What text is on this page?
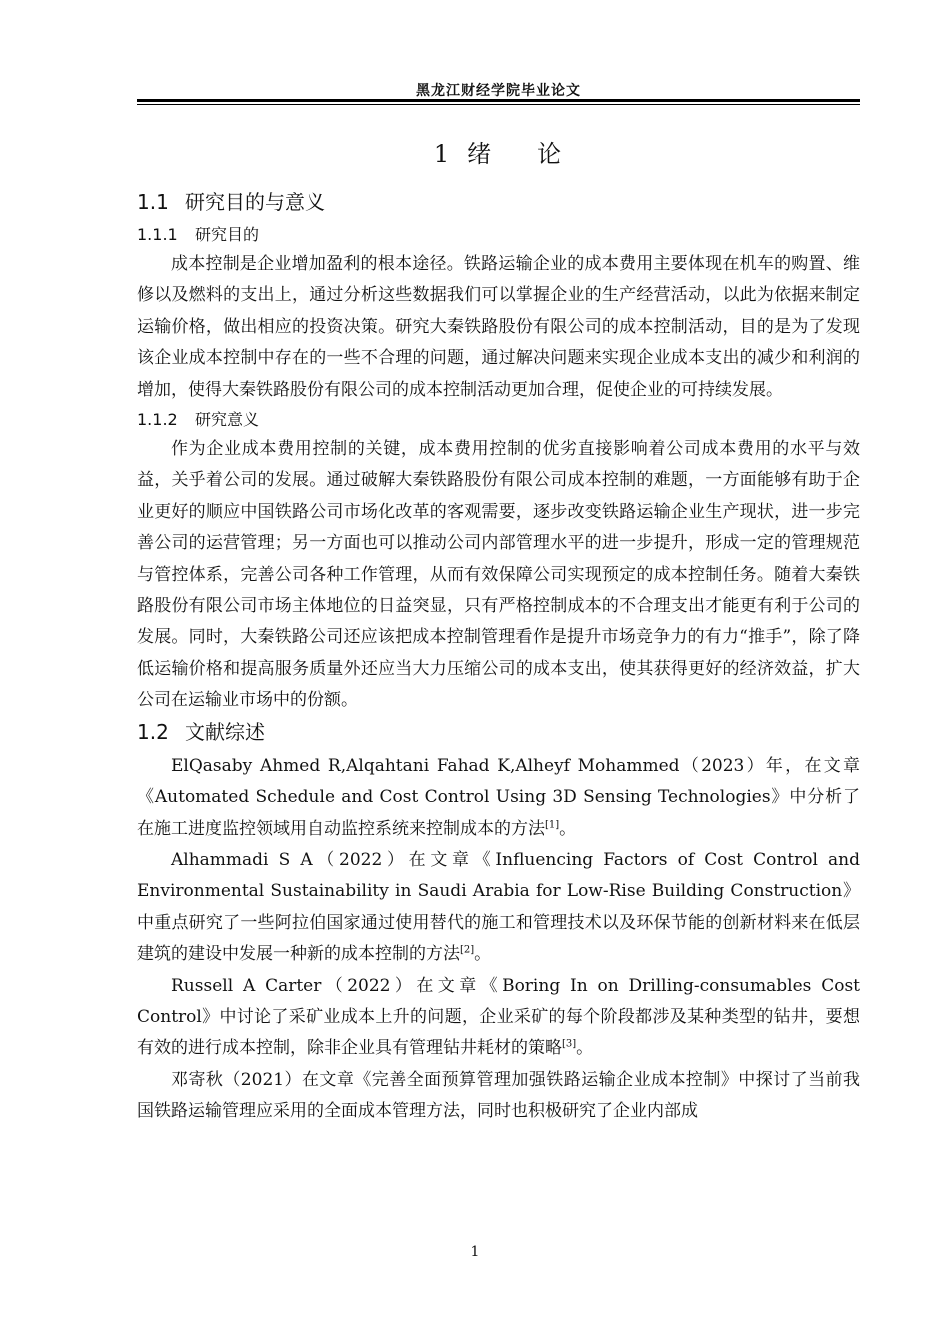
黑龙江财经学院毕业论文
1 绪 论
1.1 研究目的与意义
1.1.1 研究目的

成本控制是企业增加盈利的根本途径。铁路运输企业的成本费用主要体现在机车的购置、维修以及燃料的支出上，通过分析这些数据我们可以掌握企业的生产经营活动，以此为依据来制定运输价格，做出相应的投资决策。研究大秦铁路股份有限公司的成本控制活动，目的是为了发现该企业成本控制中存在的一些不合理的问题，通过解决问题来实现企业成本支出的减少和利润的增加，使得大秦铁路股份有限公司的成本控制活动更加合理，促使企业的可持续发展。

1.1.2 研究意义

作为企业成本费用控制的关键，成本费用控制的优劣直接影响着公司成本费用的水平与效益，关乎着公司的发展。通过破解大秦铁路股份有限公司成本控制的难题，一方面能够有助于企业更好的顺应中国铁路公司市场化改革的客观需要，逐步改变铁路运输企业生产现状，进一步完善公司的运营管理；另一方面也可以推动公司内部管理水平的进一步提升，形成一定的管理规范与管控体系，完善公司各种工作管理，从而有效保障公司实现预定的成本控制任务。随着大秦铁路股份有限公司市场主体地位的日益突显，只有严格控制成本的不合理支出才能更有利于公司的发展。同时，大秦铁路公司还应该把成本控制管理看作是提升市场竞争力的有力“推手”，除了降低运输价格和提高服务质量外还应当大力压缩公司的成本支出，使其获得更好的经济效益，扩大公司在运输业市场中的份额。

1.2 文献综述

ElQasaby Ahmed R,Alqahtani Fahad K,Alheyf Mohammed（2023）年，在文章《Automated Schedule and Cost Control Using 3D Sensing Technologies》中分析了在施工进度监控领域用自动监控系统来控制成本的方法[1]。

Alhammadi S A（2022）在文章《Influencing Factors of Cost Control and Environmental Sustainability in Saudi Arabia for Low-Rise Building Construction》中重点研究了一些阿拉伯国家通过使用替代的施工和管理技术以及环保节能的创新材料来在低层建筑的建设中发展一种新的成本控制的方法[2]。

Russell A Carter（2022）在文章《Boring In on Drilling-consumables Cost Control》中讨论了采矿业成本上升的问题，企业采矿的每个阶段都涉及某种类型的钻井，要想有效的进行成本控制，除非企业具有管理钻井耗材的策略[3]。

邓寄秋（2021）在文章《完善全面预算管理加强铁路运输企业成本控制》中探讨了当前我国铁路运输管理应采用的全面成本管理方法，同时也积极研究了企业内部成

1
